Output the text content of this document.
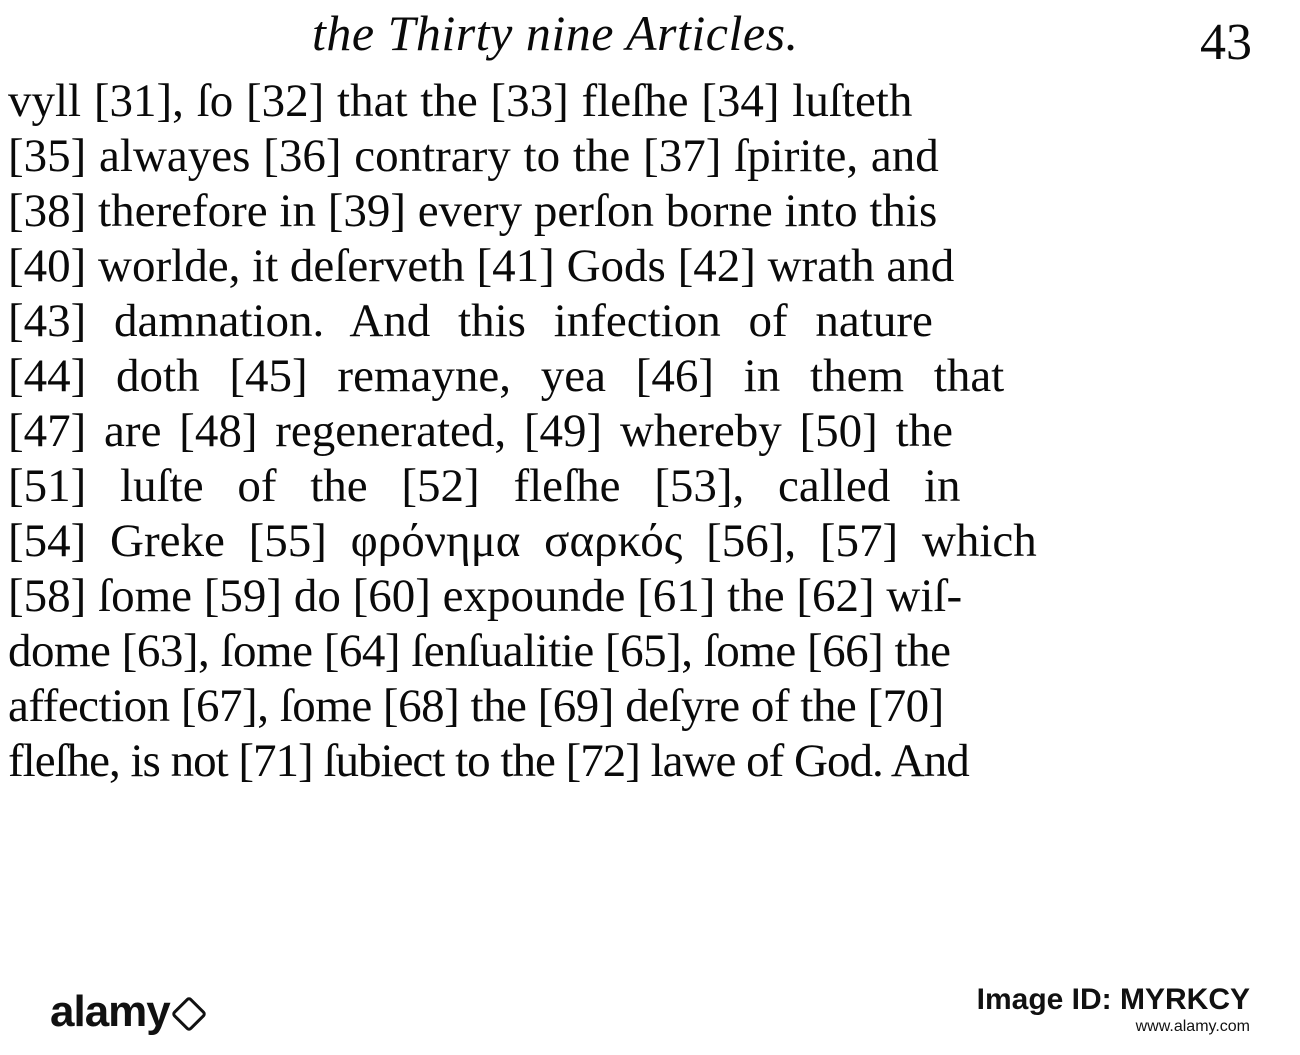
the Thirty nine Articles.	43
vyll [31], ſo [32] that the [33] fleſhe [34] luſteth
[35] alwayes [36] contrary to the [37] ſpirite, and
[38] therefore in [39] every perſon borne into this
[40] worlde, it deſerveth [41] Gods [42] wrath and
[43] damnation. And this infection of nature
[44] doth [45] remayne, yea [46] in them that
[47] are [48] regenerated, [49] whereby [50] the
[51] luſte of the [52] fleſhe [53], called in
[54] Greke [55] φρόνημα σαρκός [56], [57] which
[58] ſome [59] do [60] expounde [61] the [62] wiſ-
dome [63], ſome [64] ſenſualitie [65], ſome [66] the
affection [67], ſome [68] the [69] deſyre of the [70]
fleſhe, is not [71] ſubiect to the [72] lawe of God. And
alamy	Image ID: MYRKCY
www.alamy.com
